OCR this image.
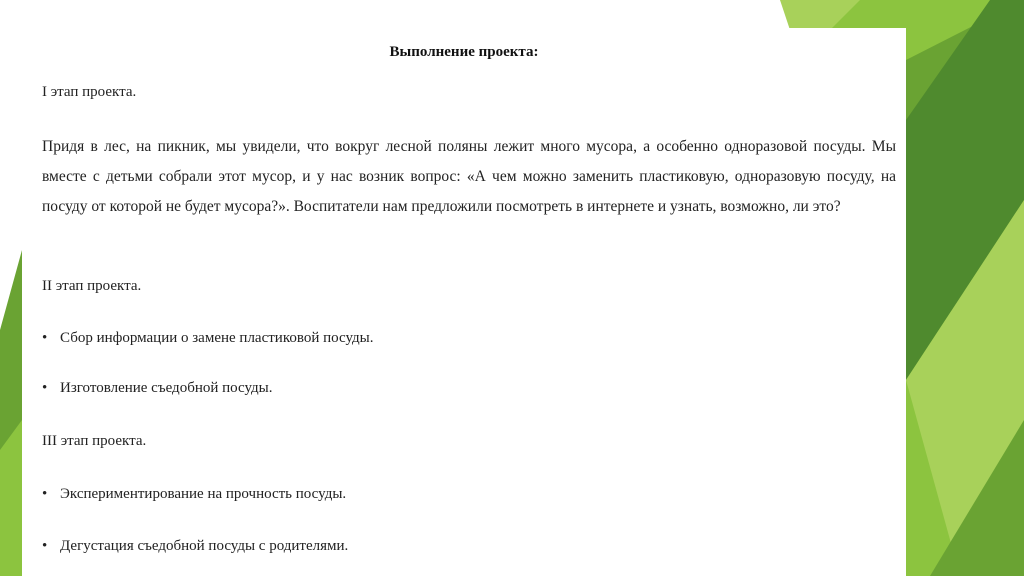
Выполнение проекта:
I этап проекта.
Придя в лес, на пикник, мы увидели, что вокруг лесной поляны лежит много мусора, а особенно одноразовой посуды. Мы вместе с детьми собрали этот мусор, и у нас возник вопрос: «А чем можно заменить пластиковую, одноразовую посуду, на посуду от которой не будет мусора?». Воспитатели нам предложили посмотреть в интернете и узнать, возможно, ли это?
II этап проекта.
• Сбор информации о замене пластиковой посуды.
• Изготовление съедобной посуды.
III этап проекта.
• Экспериментирование на прочность посуды.
• Дегустация съедобной посуды с родителями.
